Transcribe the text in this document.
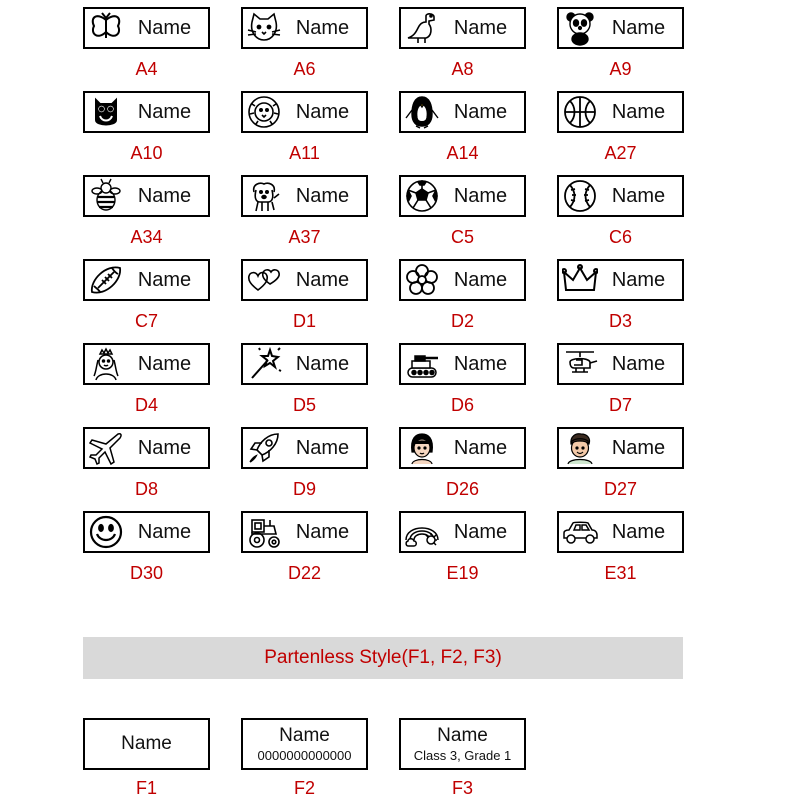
Name
A4
Name
A6
Name
A8
Name
A9
Name
A10
Name
A11
Name
A14
Name
A27
Name
A34
Name
A37
Name
C5
Name
C6
Name
C7
Name
D1
Name
D2
Name
D3
Name
D4
Name
D5
Name
D6
Name
D7
Name
D8
Name
D9
Name
D26
Name
D27
Name
D30
Name
D22
Name
E19
Name
E31
Partenless Style(F1, F2, F3)
Name
F1
Name
0000000000000
F2
Name
Class 3, Grade 1
F3
